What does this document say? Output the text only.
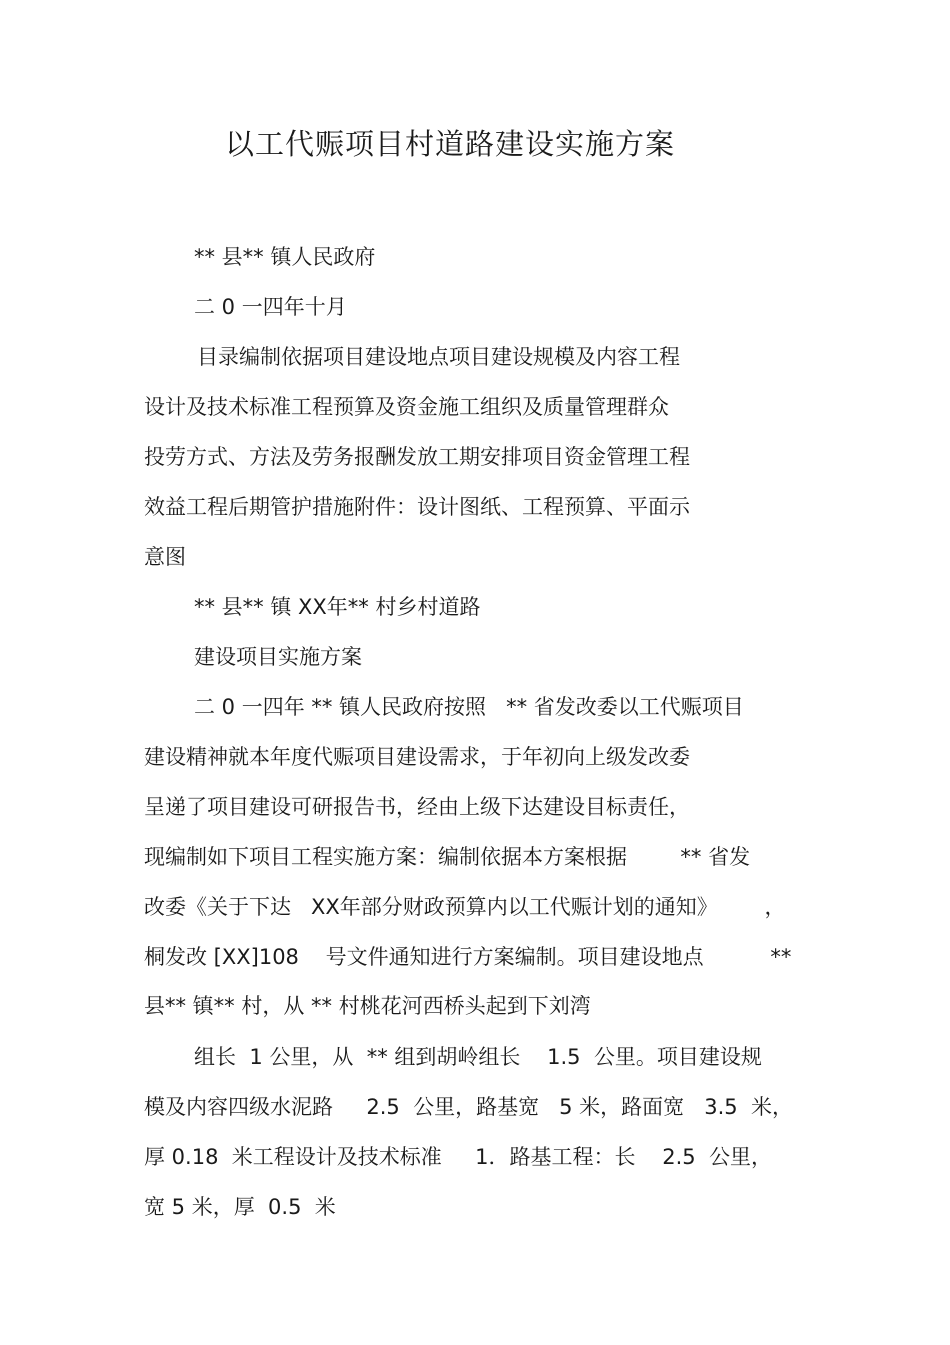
以工代赈项目村道路建设实施方案
** 县** 镇人民政府
二 0 一四年十月
目录编制依据项目建设地点项目建设规模及内容工程
设计及技术标准工程预算及资金施工组织及质量管理群众
投劳方式、方法及劳务报酬发放工期安排项目资金管理工程
效益工程后期管护措施附件：设计图纸、工程预算、平面示
意图
** 县** 镇 XX年** 村乡村道路
建设项目实施方案
二 0 一四年 ** 镇人民政府按照   ** 省发改委以工代赈项目
建设精神就本年度代赈项目建设需求，于年初向上级发改委
呈递了项目建设可研报告书，经由上级下达建设目标责任，
现编制如下项目工程实施方案：编制依据本方案根据        ** 省发
改委《关于下达   XX年部分财政预算内以工代赈计划的通知》       ，
桐发改 [XX]108    号文件通知进行方案编制。项目建设地点          **
县** 镇** 村，从 ** 村桃花河西桥头起到下刘湾
组长  1 公里，从  ** 组到胡岭组长    1.5  公里。项目建设规
模及内容四级水泥路     2.5  公里，路基宽   5 米，路面宽   3.5  米，
厚 0.18  米工程设计及技术标准     1．路基工程：长    2.5  公里，
宽 5 米，厚  0.5  米
